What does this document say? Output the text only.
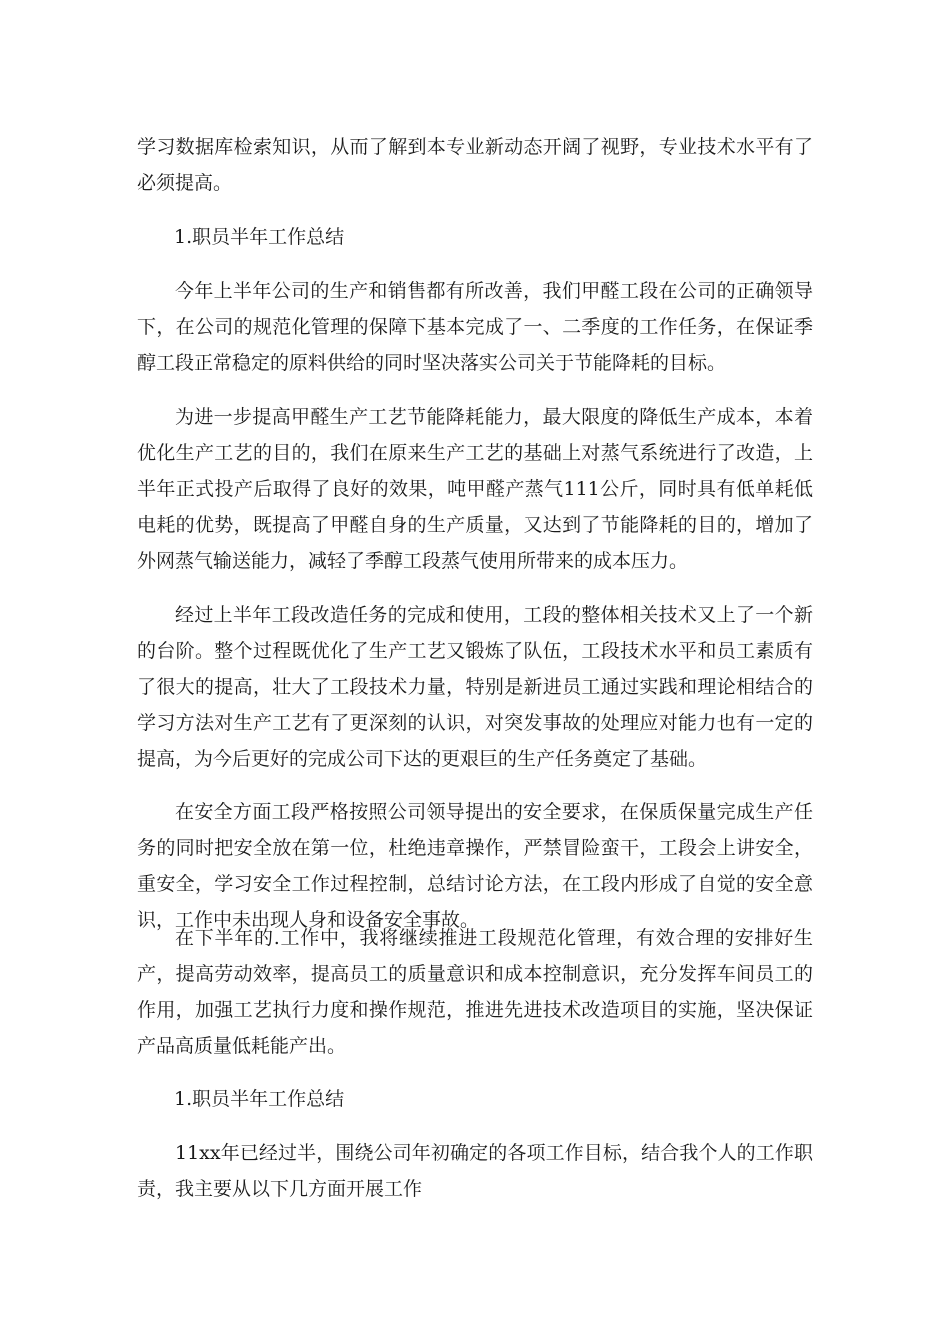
学习数据库检索知识，从而了解到本专业新动态开阔了视野，专业技术水平有了必须提高。

1.职员半年工作总结

今年上半年公司的生产和销售都有所改善，我们甲醛工段在公司的正确领导下，在公司的规范化管理的保障下基本完成了一、二季度的工作任务，在保证季醇工段正常稳定的原料供给的同时坚决落实公司关于节能降耗的目标。

为进一步提高甲醛生产工艺节能降耗能力，最大限度的降低生产成本，本着优化生产工艺的目的，我们在原来生产工艺的基础上对蒸气系统进行了改造，上半年正式投产后取得了良好的效果，吨甲醛产蒸气111公斤，同时具有低单耗低电耗的优势，既提高了甲醛自身的生产质量，又达到了节能降耗的目的，增加了外网蒸气输送能力，减轻了季醇工段蒸气使用所带来的成本压力。

经过上半年工段改造任务的完成和使用，工段的整体相关技术又上了一个新的台阶。整个过程既优化了生产工艺又锻炼了队伍，工段技术水平和员工素质有了很大的提高，壮大了工段技术力量，特别是新进员工通过实践和理论相结合的学习方法对生产工艺有了更深刻的认识，对突发事故的处理应对能力也有一定的提高，为今后更好的完成公司下达的更艰巨的生产任务奠定了基础。

在安全方面工段严格按照公司领导提出的安全要求，在保质保量完成生产任务的同时把安全放在第一位，杜绝违章操作，严禁冒险蛮干，工段会上讲安全，重安全，学习安全工作过程控制，总结讨论方法，在工段内形成了自觉的安全意识，工作中未出现人身和设备安全事故。

在下半年的.工作中，我将继续推进工段规范化管理，有效合理的安排好生产，提高劳动效率，提高员工的质量意识和成本控制意识，充分发挥车间员工的作用，加强工艺执行力度和操作规范，推进先进技术改造项目的实施，坚决保证产品高质量低耗能产出。

1.职员半年工作总结

11xx年已经过半，围绕公司年初确定的各项工作目标，结合我个人的工作职责，我主要从以下几方面开展工作
